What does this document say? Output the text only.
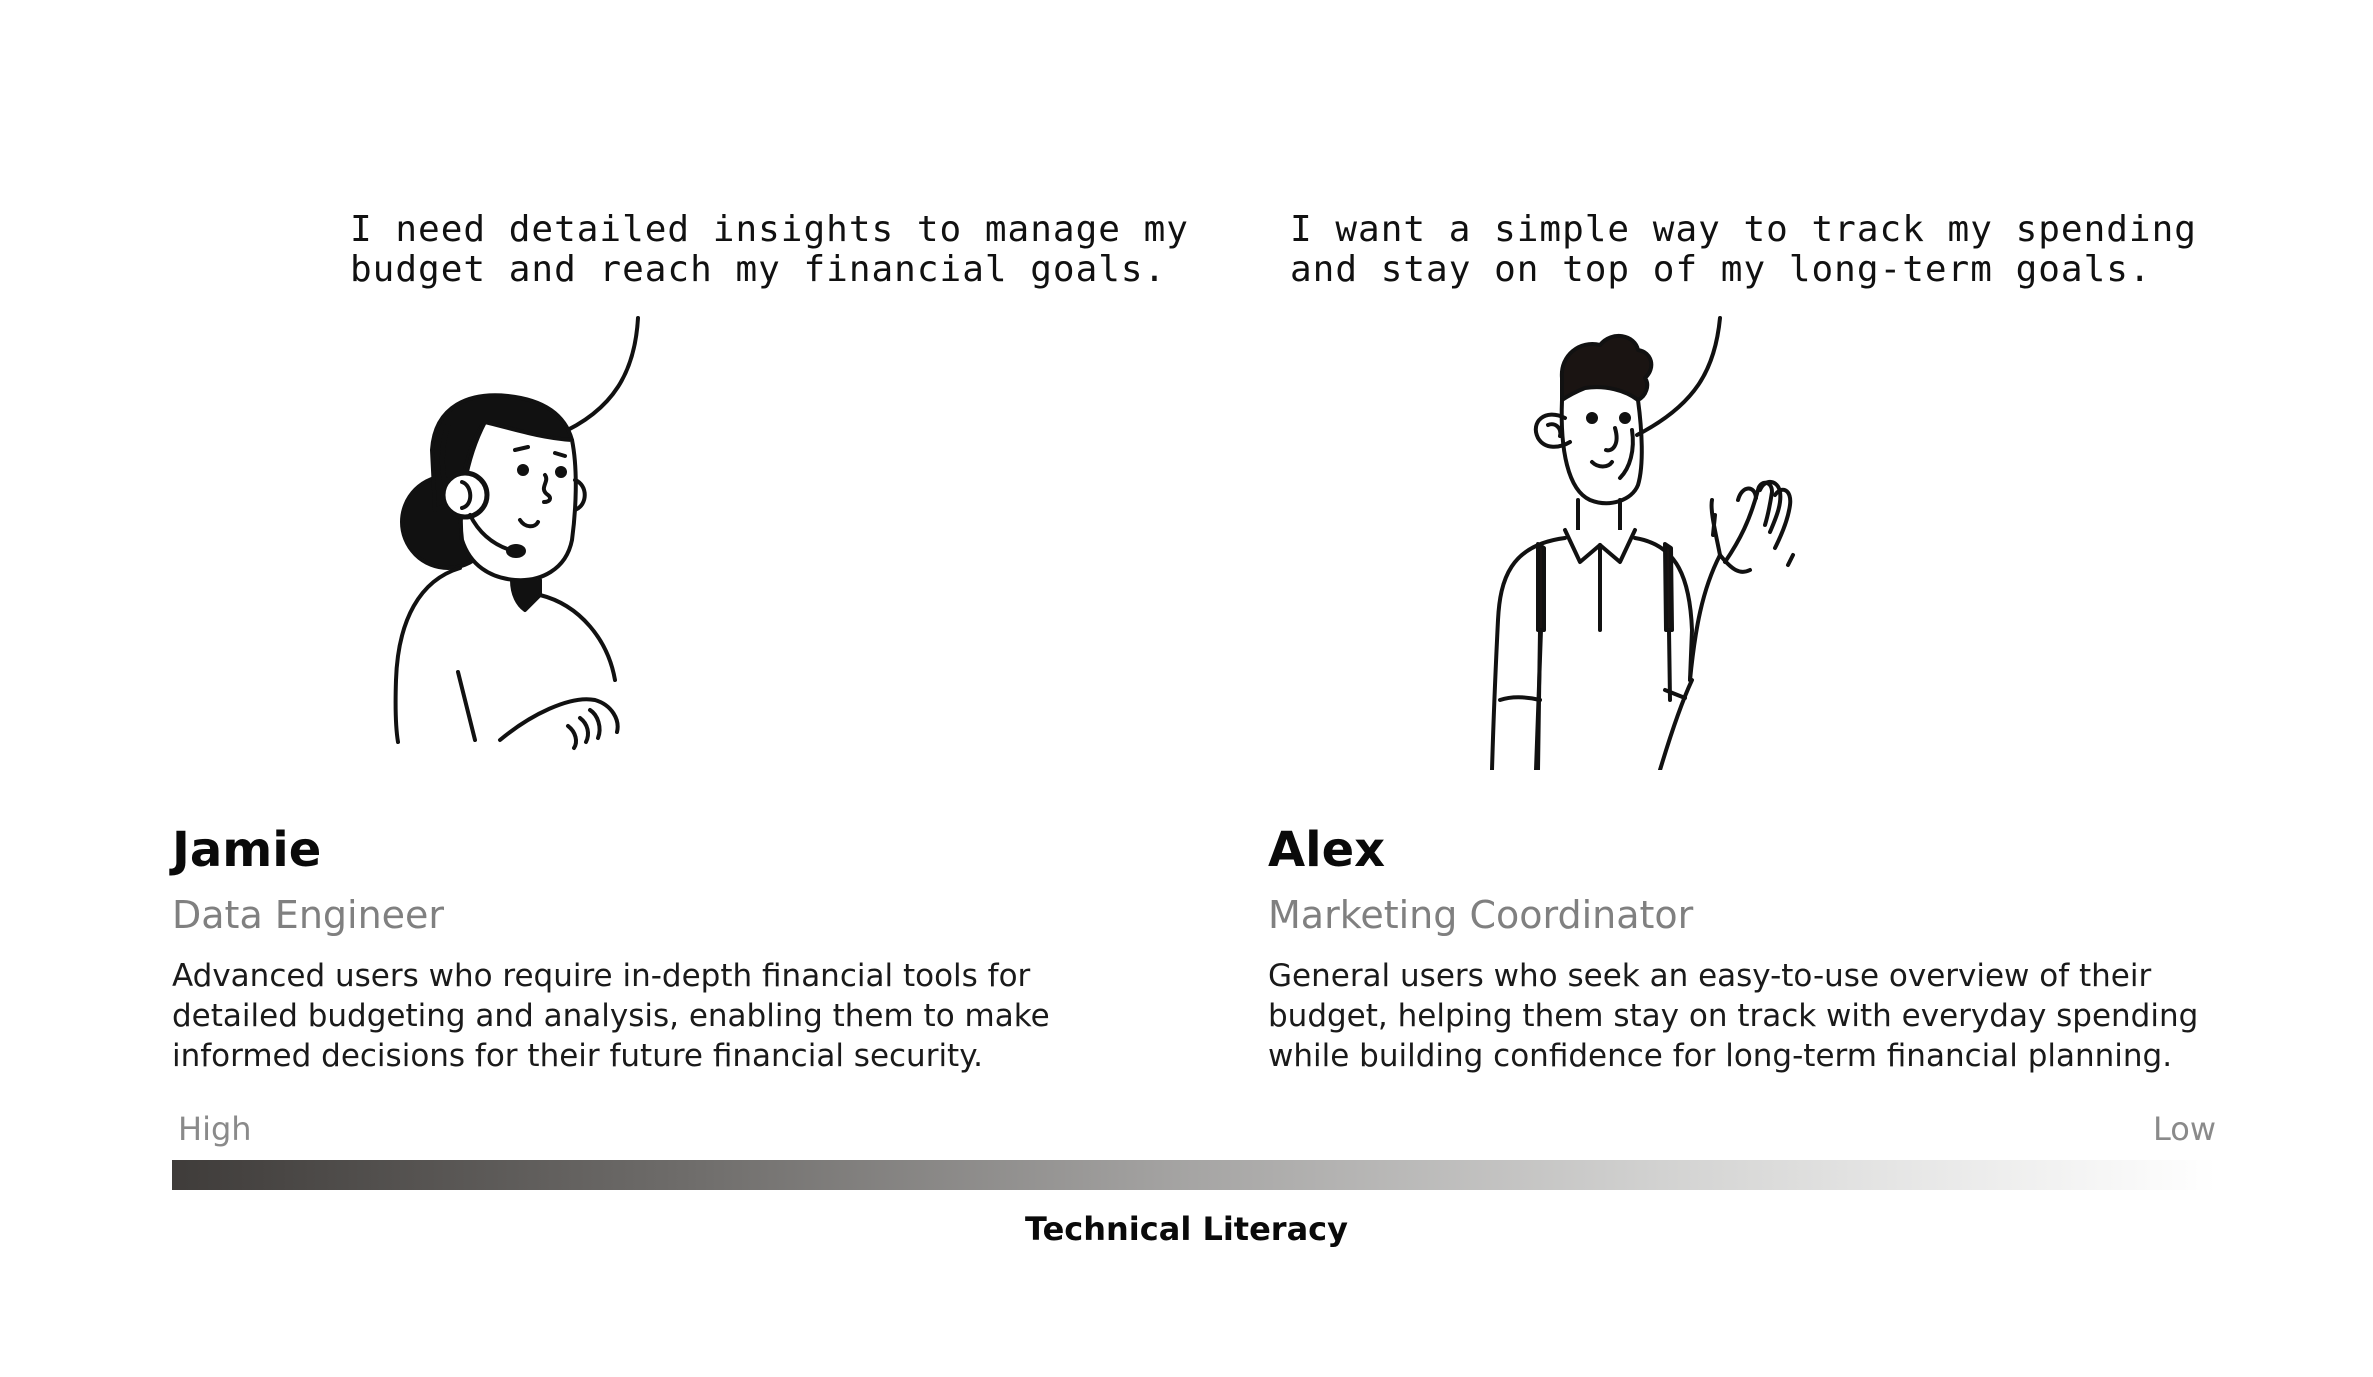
I need detailed insights to manage my
budget and reach my financial goals.
I want a simple way to track my spending
and stay on top of my long-term goals.
Jamie
Data Engineer
Advanced users who require in-depth financial tools for
detailed budgeting and analysis, enabling them to make
informed decisions for their future financial security.
Alex
Marketing Coordinator
General users who seek an easy-to-use overview of their
budget, helping them stay on track with everyday spending
while building confidence for long-term financial planning.
High	Low
Technical Literacy
